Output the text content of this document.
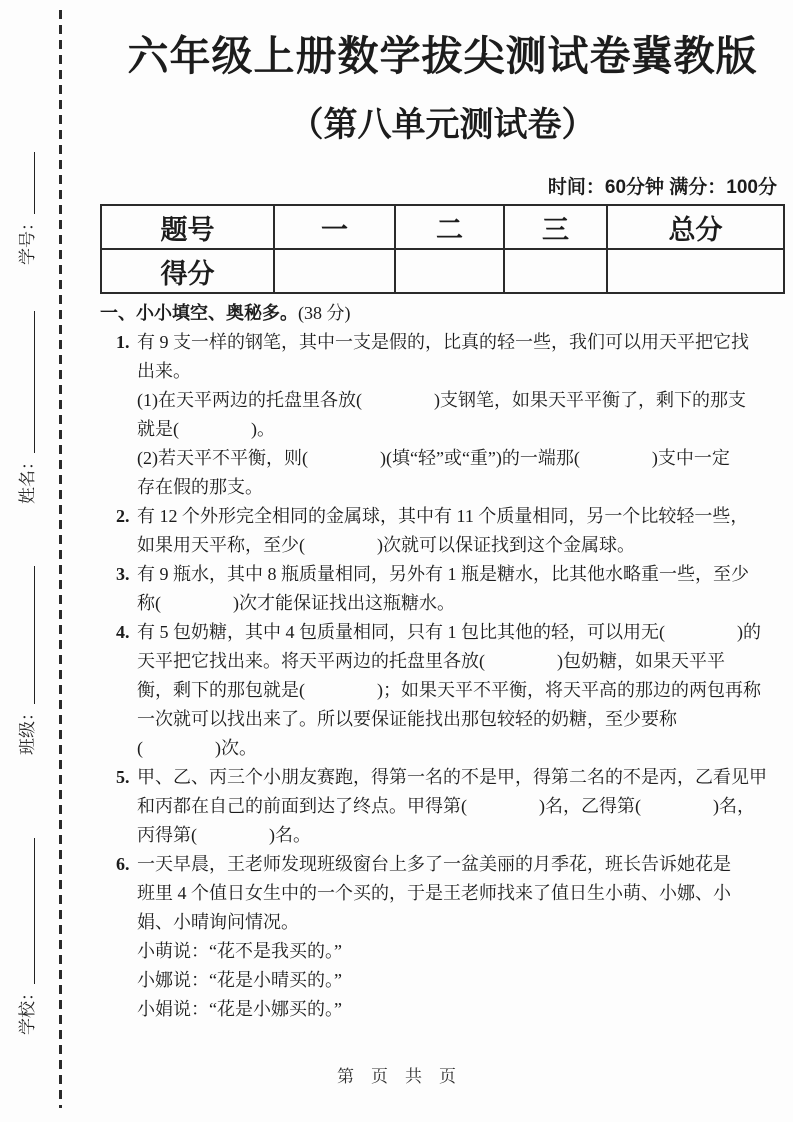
学号：
姓名：
班级：
学校：
六年级上册数学拔尖测试卷冀教版
（第八单元测试卷）
时间：60分钟 满分：100分
题号	一	二	三	总分
得分				
一、小小填空、奥秘多。(38 分)
1. 有 9 支一样的钢笔，其中一支是假的，比真的轻一些，我们可以用天平把它找
出来。
(1)在天平两边的托盘里各放(　　　　)支钢笔，如果天平平衡了，剩下的那支
就是(　　　　)。
(2)若天平不平衡，则(　　　　)(填“轻”或“重”)的一端那(　　　　)支中一定
存在假的那支。
2. 有 12 个外形完全相同的金属球，其中有 11 个质量相同，另一个比较轻一些，
如果用天平称，至少(　　　　)次就可以保证找到这个金属球。
3. 有 9 瓶水，其中 8 瓶质量相同，另外有 1 瓶是糖水，比其他水略重一些，至少
称(　　　　)次才能保证找出这瓶糖水。
4. 有 5 包奶糖，其中 4 包质量相同，只有 1 包比其他的轻，可以用无(　　　　)的
天平把它找出来。将天平两边的托盘里各放(　　　　)包奶糖，如果天平平
衡，剩下的那包就是(　　　　)；如果天平不平衡，将天平高的那边的两包再称
一次就可以找出来了。所以要保证能找出那包较轻的奶糖，至少要称
(　　　　)次。
5. 甲、乙、丙三个小朋友赛跑，得第一名的不是甲，得第二名的不是丙，乙看见甲
和丙都在自己的前面到达了终点。甲得第(　　　　)名，乙得第(　　　　)名，
丙得第(　　　　)名。
6. 一天早晨，王老师发现班级窗台上多了一盆美丽的月季花，班长告诉她花是
班里 4 个值日女生中的一个买的，于是王老师找来了值日生小萌、小娜、小
娟、小晴询问情况。
小萌说：“花不是我买的。”
小娜说：“花是小晴买的。”
小娟说：“花是小娜买的。”
第　页　共　页
